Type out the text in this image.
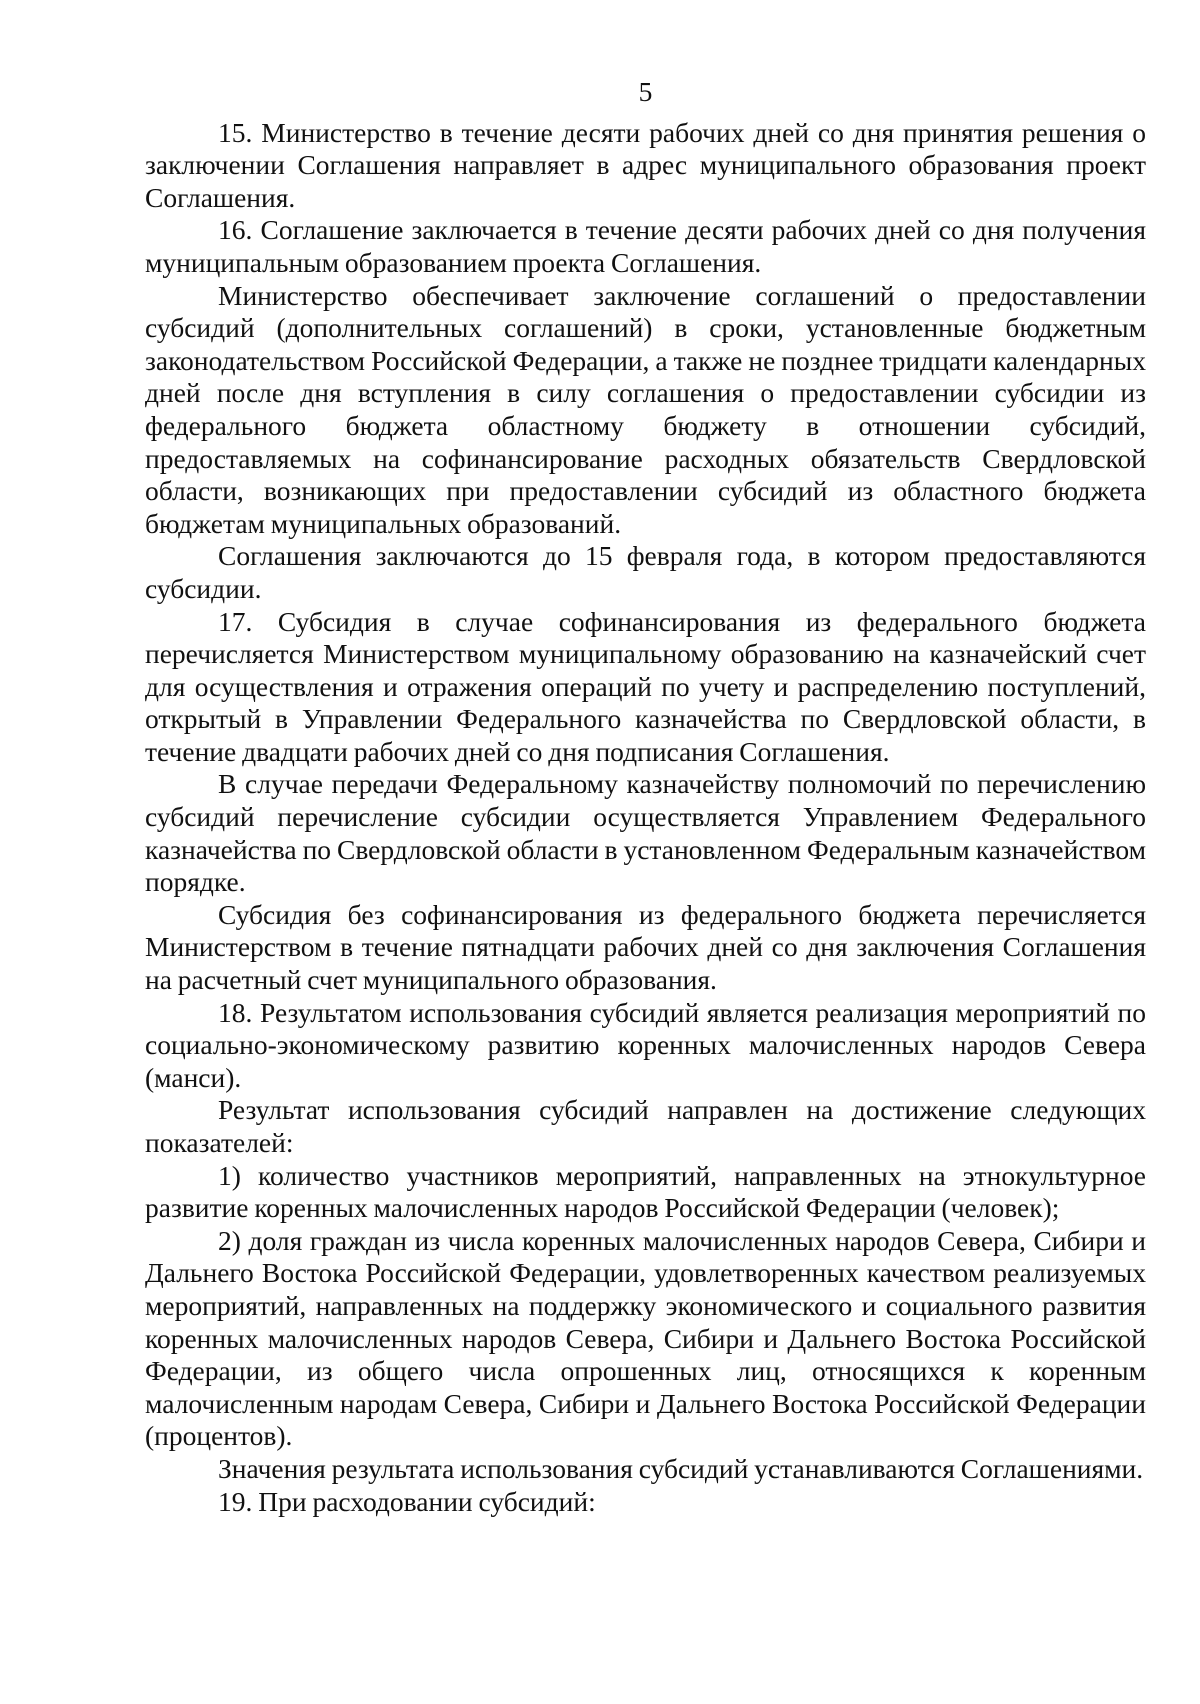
5

15. Министерство в течение десяти рабочих дней со дня принятия решения о заключении Соглашения направляет в адрес муниципального образования проект Соглашения.

16. Соглашение заключается в течение десяти рабочих дней со дня получения муниципальным образованием проекта Соглашения.

Министерство обеспечивает заключение соглашений о предоставлении субсидий (дополнительных соглашений) в сроки, установленные бюджетным законодательством Российской Федерации, а также не позднее тридцати календарных дней после дня вступления в силу соглашения о предоставлении субсидии из федерального бюджета областному бюджету в отношении субсидий, предоставляемых на софинансирование расходных обязательств Свердловской области, возникающих при предоставлении субсидий из областного бюджета бюджетам муниципальных образований.

Соглашения заключаются до 15 февраля года, в котором предоставляются субсидии.

17. Субсидия в случае софинансирования из федерального бюджета перечисляется Министерством муниципальному образованию на казначейский счет для осуществления и отражения операций по учету и распределению поступлений, открытый в Управлении Федерального казначейства по Свердловской области, в течение двадцати рабочих дней со дня подписания Соглашения.

В случае передачи Федеральному казначейству полномочий по перечислению субсидий перечисление субсидии осуществляется Управлением Федерального казначейства по Свердловской области в установленном Федеральным казначейством порядке.

Субсидия без софинансирования из федерального бюджета перечисляется Министерством в течение пятнадцати рабочих дней со дня заключения Соглашения на расчетный счет муниципального образования.

18. Результатом использования субсидий является реализация мероприятий по социально-экономическому развитию коренных малочисленных народов Севера (манси).

Результат использования субсидий направлен на достижение следующих показателей:

1) количество участников мероприятий, направленных на этнокультурное развитие коренных малочисленных народов Российской Федерации (человек);

2) доля граждан из числа коренных малочисленных народов Севера, Сибири и Дальнего Востока Российской Федерации, удовлетворенных качеством реализуемых мероприятий, направленных на поддержку экономического и социального развития коренных малочисленных народов Севера, Сибири и Дальнего Востока Российской Федерации, из общего числа опрошенных лиц, относящихся к коренным малочисленным народам Севера, Сибири и Дальнего Востока Российской Федерации (процентов).

Значения результата использования субсидий устанавливаются Соглашениями.

19. При расходовании субсидий:
